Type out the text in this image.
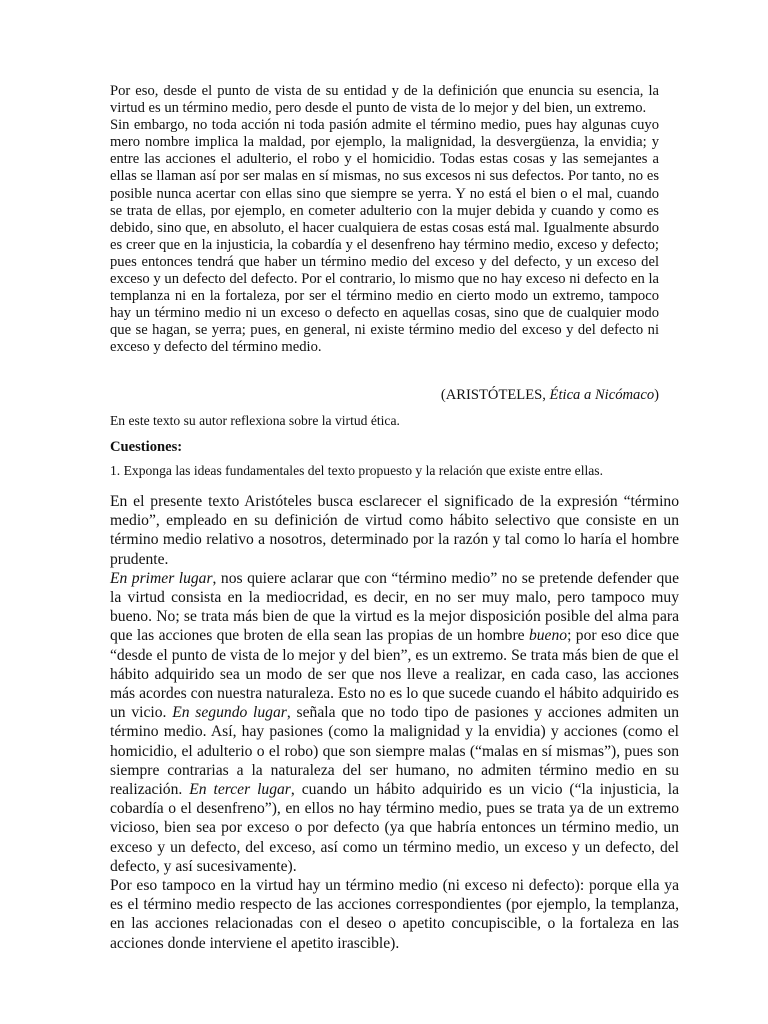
Por eso, desde el punto de vista de su entidad y de la definición que enuncia su esencia, la virtud es un término medio, pero desde el punto de vista de lo mejor y del bien, un extremo.

Sin embargo, no toda acción ni toda pasión admite el término medio, pues hay algunas cuyo mero nombre implica la maldad, por ejemplo, la malignidad, la desvergüenza, la envidia; y entre las acciones el adulterio, el robo y el homicidio. Todas estas cosas y las semejantes a ellas se llaman así por ser malas en sí mismas, no sus excesos ni sus defectos. Por tanto, no es posible nunca acertar con ellas sino que siempre se yerra. Y no está el bien o el mal, cuando se trata de ellas, por ejemplo, en cometer adulterio con la mujer debida y cuando y como es debido, sino que, en absoluto, el hacer cualquiera de estas cosas está mal. Igualmente absurdo es creer que en la injusticia, la cobardía y el desenfreno hay término medio, exceso y defecto; pues entonces tendrá que haber un término medio del exceso y del defecto, y un exceso del exceso y un defecto del defecto. Por el contrario, lo mismo que no hay exceso ni defecto en la templanza ni en la fortaleza, por ser el término medio en cierto modo un extremo, tampoco hay un término medio ni un exceso o defecto en aquellas cosas, sino que de cualquier modo que se hagan, se yerra; pues, en general, ni existe término medio del exceso y del defecto ni exceso y defecto del término medio.

(ARISTÓTELES, Ética a Nicómaco)
En este texto su autor reflexiona sobre la virtud ética.
Cuestiones:
1. Exponga las ideas fundamentales del texto propuesto y la relación que existe entre ellas.

En el presente texto Aristóteles busca esclarecer el significado de la expresión “término medio”, empleado en su definición de virtud como hábito selectivo que consiste en un término medio relativo a nosotros, determinado por la razón y tal como lo haría el hombre prudente.

En primer lugar, nos quiere aclarar que con “término medio” no se pretende defender que la virtud consista en la mediocridad, es decir, en no ser muy malo, pero tampoco muy bueno. No; se trata más bien de que la virtud es la mejor disposición posible del alma para que las acciones que broten de ella sean las propias de un hombre bueno; por eso dice que “desde el punto de vista de lo mejor y del bien”, es un extremo. Se trata más bien de que el hábito adquirido sea un modo de ser que nos lleve a realizar, en cada caso, las acciones más acordes con nuestra naturaleza. Esto no es lo que sucede cuando el hábito adquirido es un vicio. En segundo lugar, señala que no todo tipo de pasiones y acciones admiten un término medio. Así, hay pasiones (como la malignidad y la envidia) y acciones (como el homicidio, el adulterio o el robo) que son siempre malas (“malas en sí mismas”), pues son siempre contrarias a la naturaleza del ser humano, no admiten término medio en su realización. En tercer lugar, cuando un hábito adquirido es un vicio (“la injusticia, la cobardía o el desenfreno”), en ellos no hay término medio, pues se trata ya de un extremo vicioso, bien sea por exceso o por defecto (ya que habría entonces un término medio, un exceso y un defecto, del exceso, así como un término medio, un exceso y un defecto, del defecto, y así sucesivamente).

Por eso tampoco en la virtud hay un término medio (ni exceso ni defecto): porque ella ya es el término medio respecto de las acciones correspondientes (por ejemplo, la templanza, en las acciones relacionadas con el deseo o apetito concupiscible, o la fortaleza en las acciones donde interviene el apetito irascible).
